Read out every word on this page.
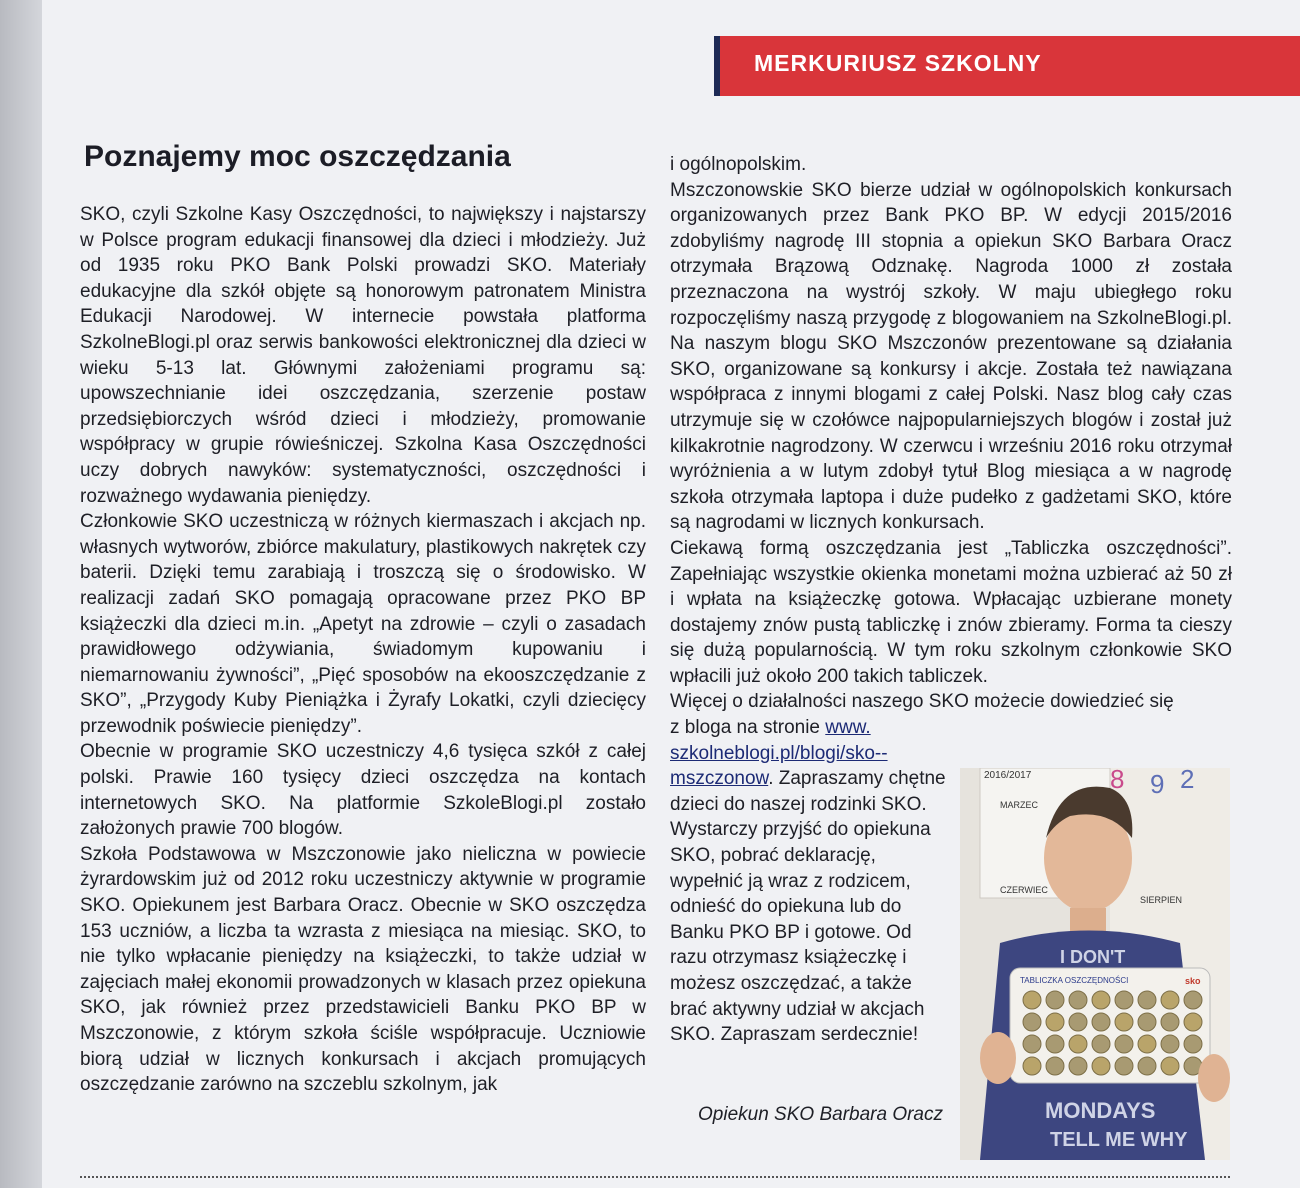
MERKURIUSZ SZKOLNY
Poznajemy moc oszczędzania

SKO, czyli Szkolne Kasy Oszczędności, to największy i najstarszy w Polsce program edukacji finansowej dla dzieci i młodzieży. Już od 1935 roku PKO Bank Polski prowadzi SKO. Materiały edukacyjne dla szkół objęte są honorowym patronatem Ministra Edukacji Narodowej. W internecie powstała platforma SzkolneBlogi.pl oraz serwis bankowości elektronicznej dla dzieci w wieku 5-13 lat. Głównymi założeniami programu są: upowszechnianie idei oszczędzania, szerzenie postaw przedsiębiorczych wśród dzieci i młodzieży, promowanie współpracy w grupie rówieśniczej. Szkolna Kasa Oszczędności uczy dobrych nawyków: systematyczności, oszczędności i rozważnego wydawania pieniędzy.

Członkowie SKO uczestniczą w różnych kiermaszach i akcjach np. własnych wytworów, zbiórce makulatury, plastikowych nakrętek czy baterii. Dzięki temu zarabiają i troszczą się o środowisko. W realizacji zadań SKO pomagają opracowane przez PKO BP książeczki dla dzieci m.in. „Apetyt na zdrowie – czyli o zasadach prawidłowego odżywiania, świadomym kupowaniu i niemarnowaniu żywności”, „Pięć sposobów na ekooszczędzanie z SKO”, „Przygody Kuby Pieniążka i Żyrafy Lokatki, czyli dziecięcy przewodnik poświecie pieniędzy”.

Obecnie w programie SKO uczestniczy 4,6 tysięca szkół z całej polski. Prawie 160 tysięcy dzieci oszczędza na kontach internetowych SKO. Na platformie SzkoleBlogi.pl zostało założonych prawie 700 blogów.

Szkoła Podstawowa w Mszczonowie jako nieliczna w powiecie żyrardowskim już od 2012 roku uczestniczy aktywnie w programie SKO. Opiekunem jest Barbara Oracz. Obecnie w SKO oszczędza 153 uczniów, a liczba ta wzrasta z miesiąca na miesiąc. SKO, to nie tylko wpłacanie pieniędzy na książeczki, to także udział w zajęciach małej ekonomii prowadzonych w klasach przez opiekuna SKO, jak również przez przedstawicieli Banku PKO BP w Mszczonowie, z którym szkoła ściśle współpracuje. Uczniowie biorą udział w licznych konkursach i akcjach promujących oszczędzanie zarówno na szczeblu szkolnym, jak

i ogólnopolskim.

Mszczonowskie SKO bierze udział w ogólnopolskich konkursach organizowanych przez Bank PKO BP. W edycji 2015/2016 zdobyliśmy nagrodę III stopnia a opiekun SKO Barbara Oracz otrzymała Brązową Odznakę. Nagroda 1000 zł została przeznaczona na wystrój szkoły. W maju ubiegłego roku rozpoczęliśmy naszą przygodę z blogowaniem na SzkolneBlogi.pl. Na naszym blogu SKO Mszczonów prezentowane są działania SKO, organizowane są konkursy i akcje. Została też nawiązana współpraca z innymi blogami z całej Polski. Nasz blog cały czas utrzymuje się w czołówce najpopularniejszych blogów i został już kilkakrotnie nagrodzony. W czerwcu i wrześniu 2016 roku otrzymał wyróżnienia a w lutym zdobył tytuł Blog miesiąca a w nagrodę szkoła otrzymała laptopa i duże pudełko z gadżetami SKO, które są nagrodami w licznych konkursach.

Ciekawą formą oszczędzania jest „Tabliczka oszczędności”. Zapełniając wszystkie okienka monetami można uzbierać aż 50 zł i wpłata na książeczkę gotowa. Wpłacając uzbierane monety dostajemy znów pustą tabliczkę i znów zbieramy. Forma ta cieszy się dużą popularnością. W tym roku szkolnym członkowie SKO wpłacili już około 200 takich tabliczek.

Więcej o działalności naszego SKO możecie dowiedzieć się

z bloga na stronie www. szkolneblogi.pl/blogi/sko--mszczonow. Zapraszamy chętne dzieci do naszej rodzinki SKO. Wystarczy przyjść do opiekuna SKO, pobrać deklarację, wypełnić ją wraz z rodzicem, odnieść do opiekuna lub do Banku PKO BP i gotowe. Od razu otrzymasz książeczkę i możesz oszczędzać, a także brać aktywny udział w akcjach SKO. Zapraszam serdecznie!

Opiekun SKO Barbara Oracz
2016/2017
MARZEC
CZERWIEC
SIERPIEN
8 9 2
I DON'T
MONDAYS
TELL ME WHY
TABLICZKA OSZCZĘDNOŚCI	sko
